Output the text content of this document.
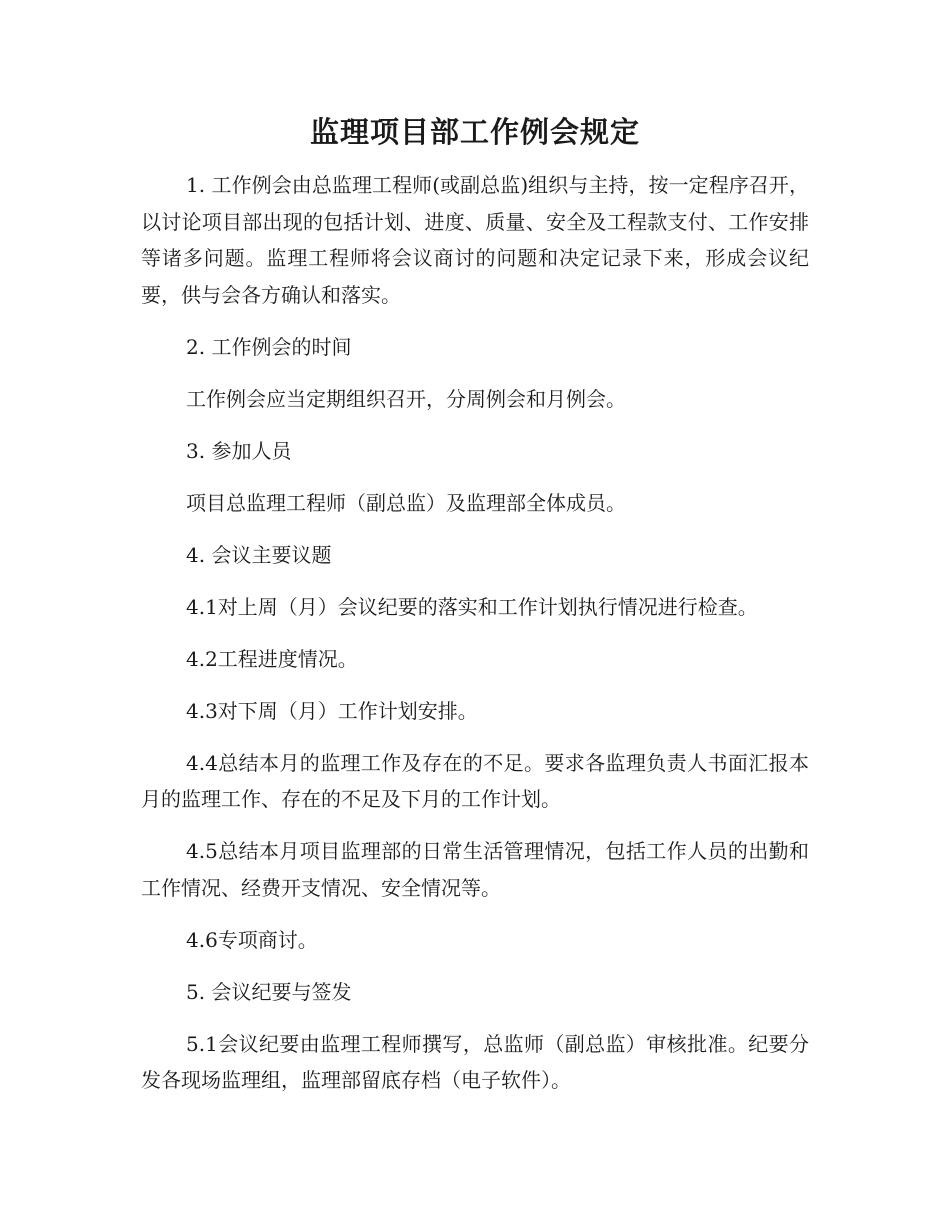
监理项目部工作例会规定

1. 工作例会由总监理工程师(或副总监)组织与主持，按一定程序召开，以讨论项目部出现的包括计划、进度、质量、安全及工程款支付、工作安排等诸多问题。监理工程师将会议商讨的问题和决定记录下来，形成会议纪要，供与会各方确认和落实。

2. 工作例会的时间

工作例会应当定期组织召开，分周例会和月例会。

3. 参加人员

项目总监理工程师（副总监）及监理部全体成员。

4. 会议主要议题

4.1对上周（月）会议纪要的落实和工作计划执行情况进行检查。

4.2工程进度情况。

4.3对下周（月）工作计划安排。

4.4总结本月的监理工作及存在的不足。要求各监理负责人书面汇报本月的监理工作、存在的不足及下月的工作计划。

4.5总结本月项目监理部的日常生活管理情况，包括工作人员的出勤和工作情况、经费开支情况、安全情况等。

4.6专项商讨。

5. 会议纪要与签发

5.1会议纪要由监理工程师撰写，总监师（副总监）审核批准。纪要分发各现场监理组，监理部留底存档（电子软件）。
